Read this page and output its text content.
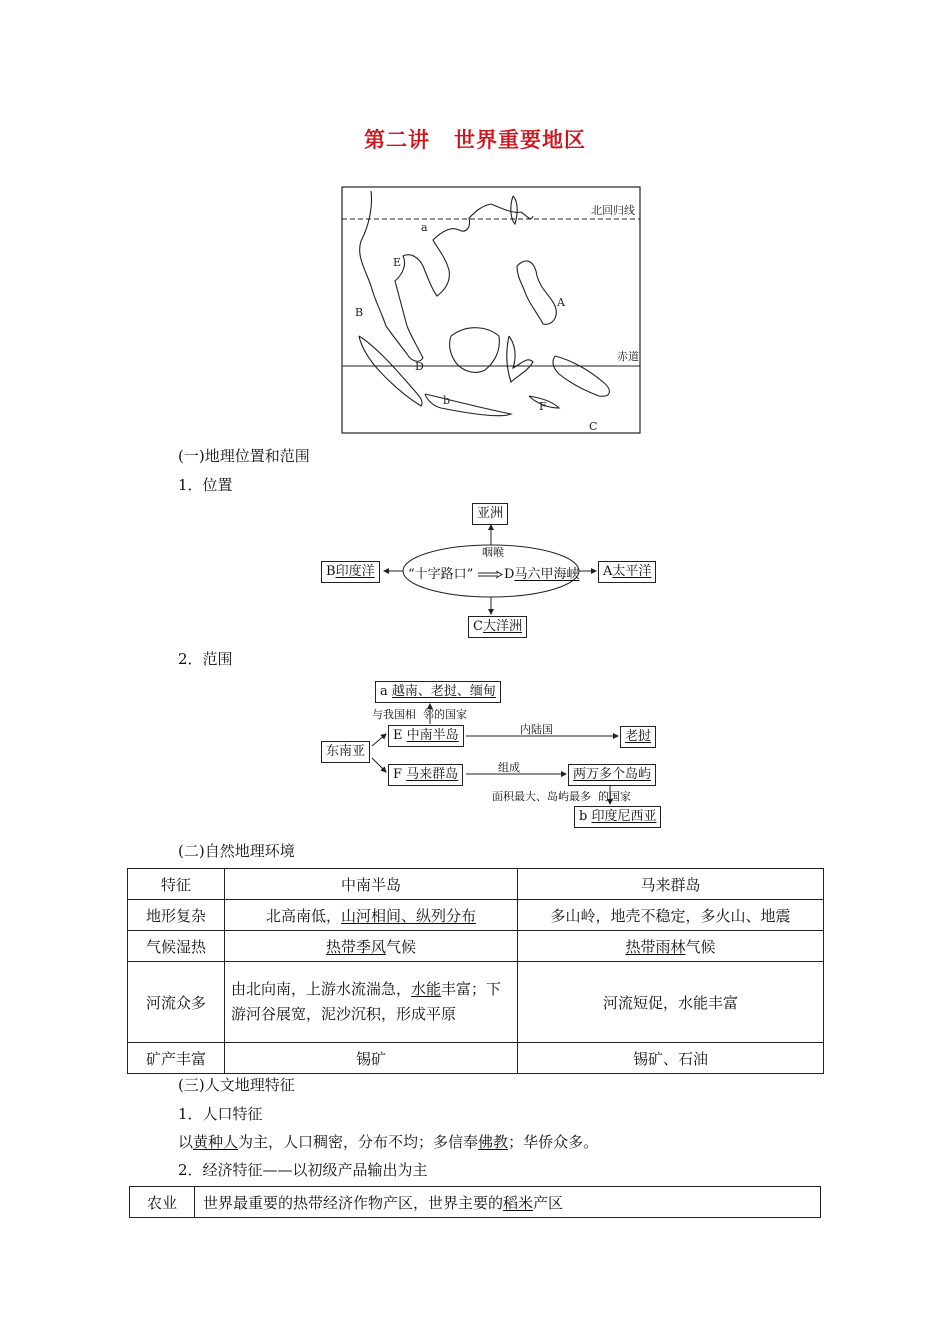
第二讲 世界重要地区
北回归线
赤道
a
E
B
A
D
b	F
C
(一)地理位置和范围
1．位置
亚洲
B印度洋	A太平洋
C大洋洲
咽喉
“十字路口” D马六甲海峡
2．范围
a 越南、老挝、缅甸
与我国相 邻的国家
东南亚
E 中南半岛	内陆国	老挝
F 马来群岛	组成	两万多个岛屿
面积最大、岛屿最多 的国家
b 印度尼西亚
(二)自然地理环境
特征	中南半岛	马来群岛
地形复杂	北高南低，山河相间、纵列分布	多山岭，地壳不稳定，多火山、地震
气候湿热	热带季风气候	热带雨林气候
河流众多	由北向南，上游水流湍急，水能丰富；下游河谷展宽，泥沙沉积，形成平原	河流短促，水能丰富
矿产丰富	锡矿	锡矿、石油
(三)人文地理特征
1．人口特征
以黄种人为主，人口稠密，分布不均；多信奉佛教；华侨众多。
2．经济特征——以初级产品输出为主
农业	世界最重要的热带经济作物产区，世界主要的稻米产区
